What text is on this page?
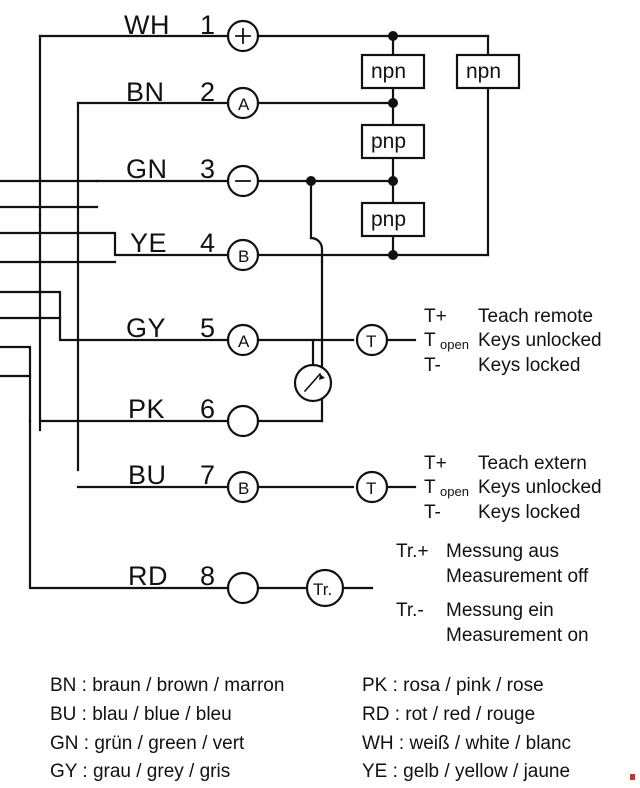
WH 1
BN 2
GN 3
YE 4
GY 5
PK 6
BU 7
RD 8
A
B
A
B
npn	npn
pnp
pnp
T
T
Tr.
T+ Teach remote
T open Keys unlocked
T- Keys locked
T+ Teach extern
T open Keys unlocked
T- Keys locked
Tr.+ Messung aus
Measurement off
Tr.- Messung ein
Measurement on
BN : braun / brown / marron
BU : blau / blue / bleu
GN : grün / green / vert
GY : grau / grey / gris
PK : rosa / pink / rose
RD : rot / red / rouge
WH : weiß / white / blanc
YE : gelb / yellow / jaune
